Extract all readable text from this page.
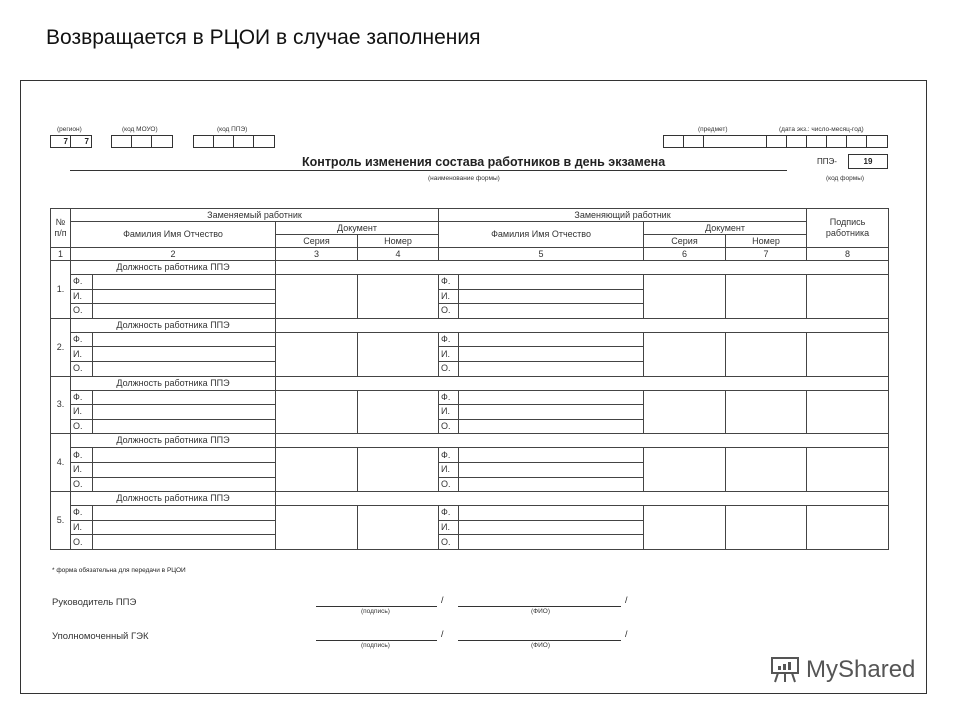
Возвращается в РЦОИ в случае заполнения
(регион)
7	7
(код МОУО)	(код ППЭ)	(предмет)	(дата экз.: число-месяц-год)
Контроль изменения состава работников в день экзамена
(наименование формы)
ППЭ-	19
(код формы)
№ п/п	Заменяемый работник				Заменяющий работник				Подпись работника
	Фамилия Имя Отчество		Документ		Фамилия Имя Отчество		Документ		
			Серия	Номер			Серия	Номер	
1	2		3	4	5		6	7	8
1.	Должность работника ППЭ								
	Ф.				Ф.				
	И.				И.				
	О.				О.				
2.	Должность работника ППЭ								
	Ф.				Ф.				
	И.				И.				
	О.				О.				
3.	Должность работника ППЭ								
	Ф.				Ф.				
	И.				И.				
	О.				О.				
4.	Должность работника ППЭ								
	Ф.				Ф.				
	И.				И.				
	О.				О.				
5.	Должность работника ППЭ								
	Ф.				Ф.				
	И.				И.				
	О.				О.				
* форма обязательна для передачи в РЦОИ
Руководитель ППЭ	/
(подпись)
/
(ФИО)
Уполномоченный ГЭК	/
(подпись)
/
(ФИО)
MyShared
